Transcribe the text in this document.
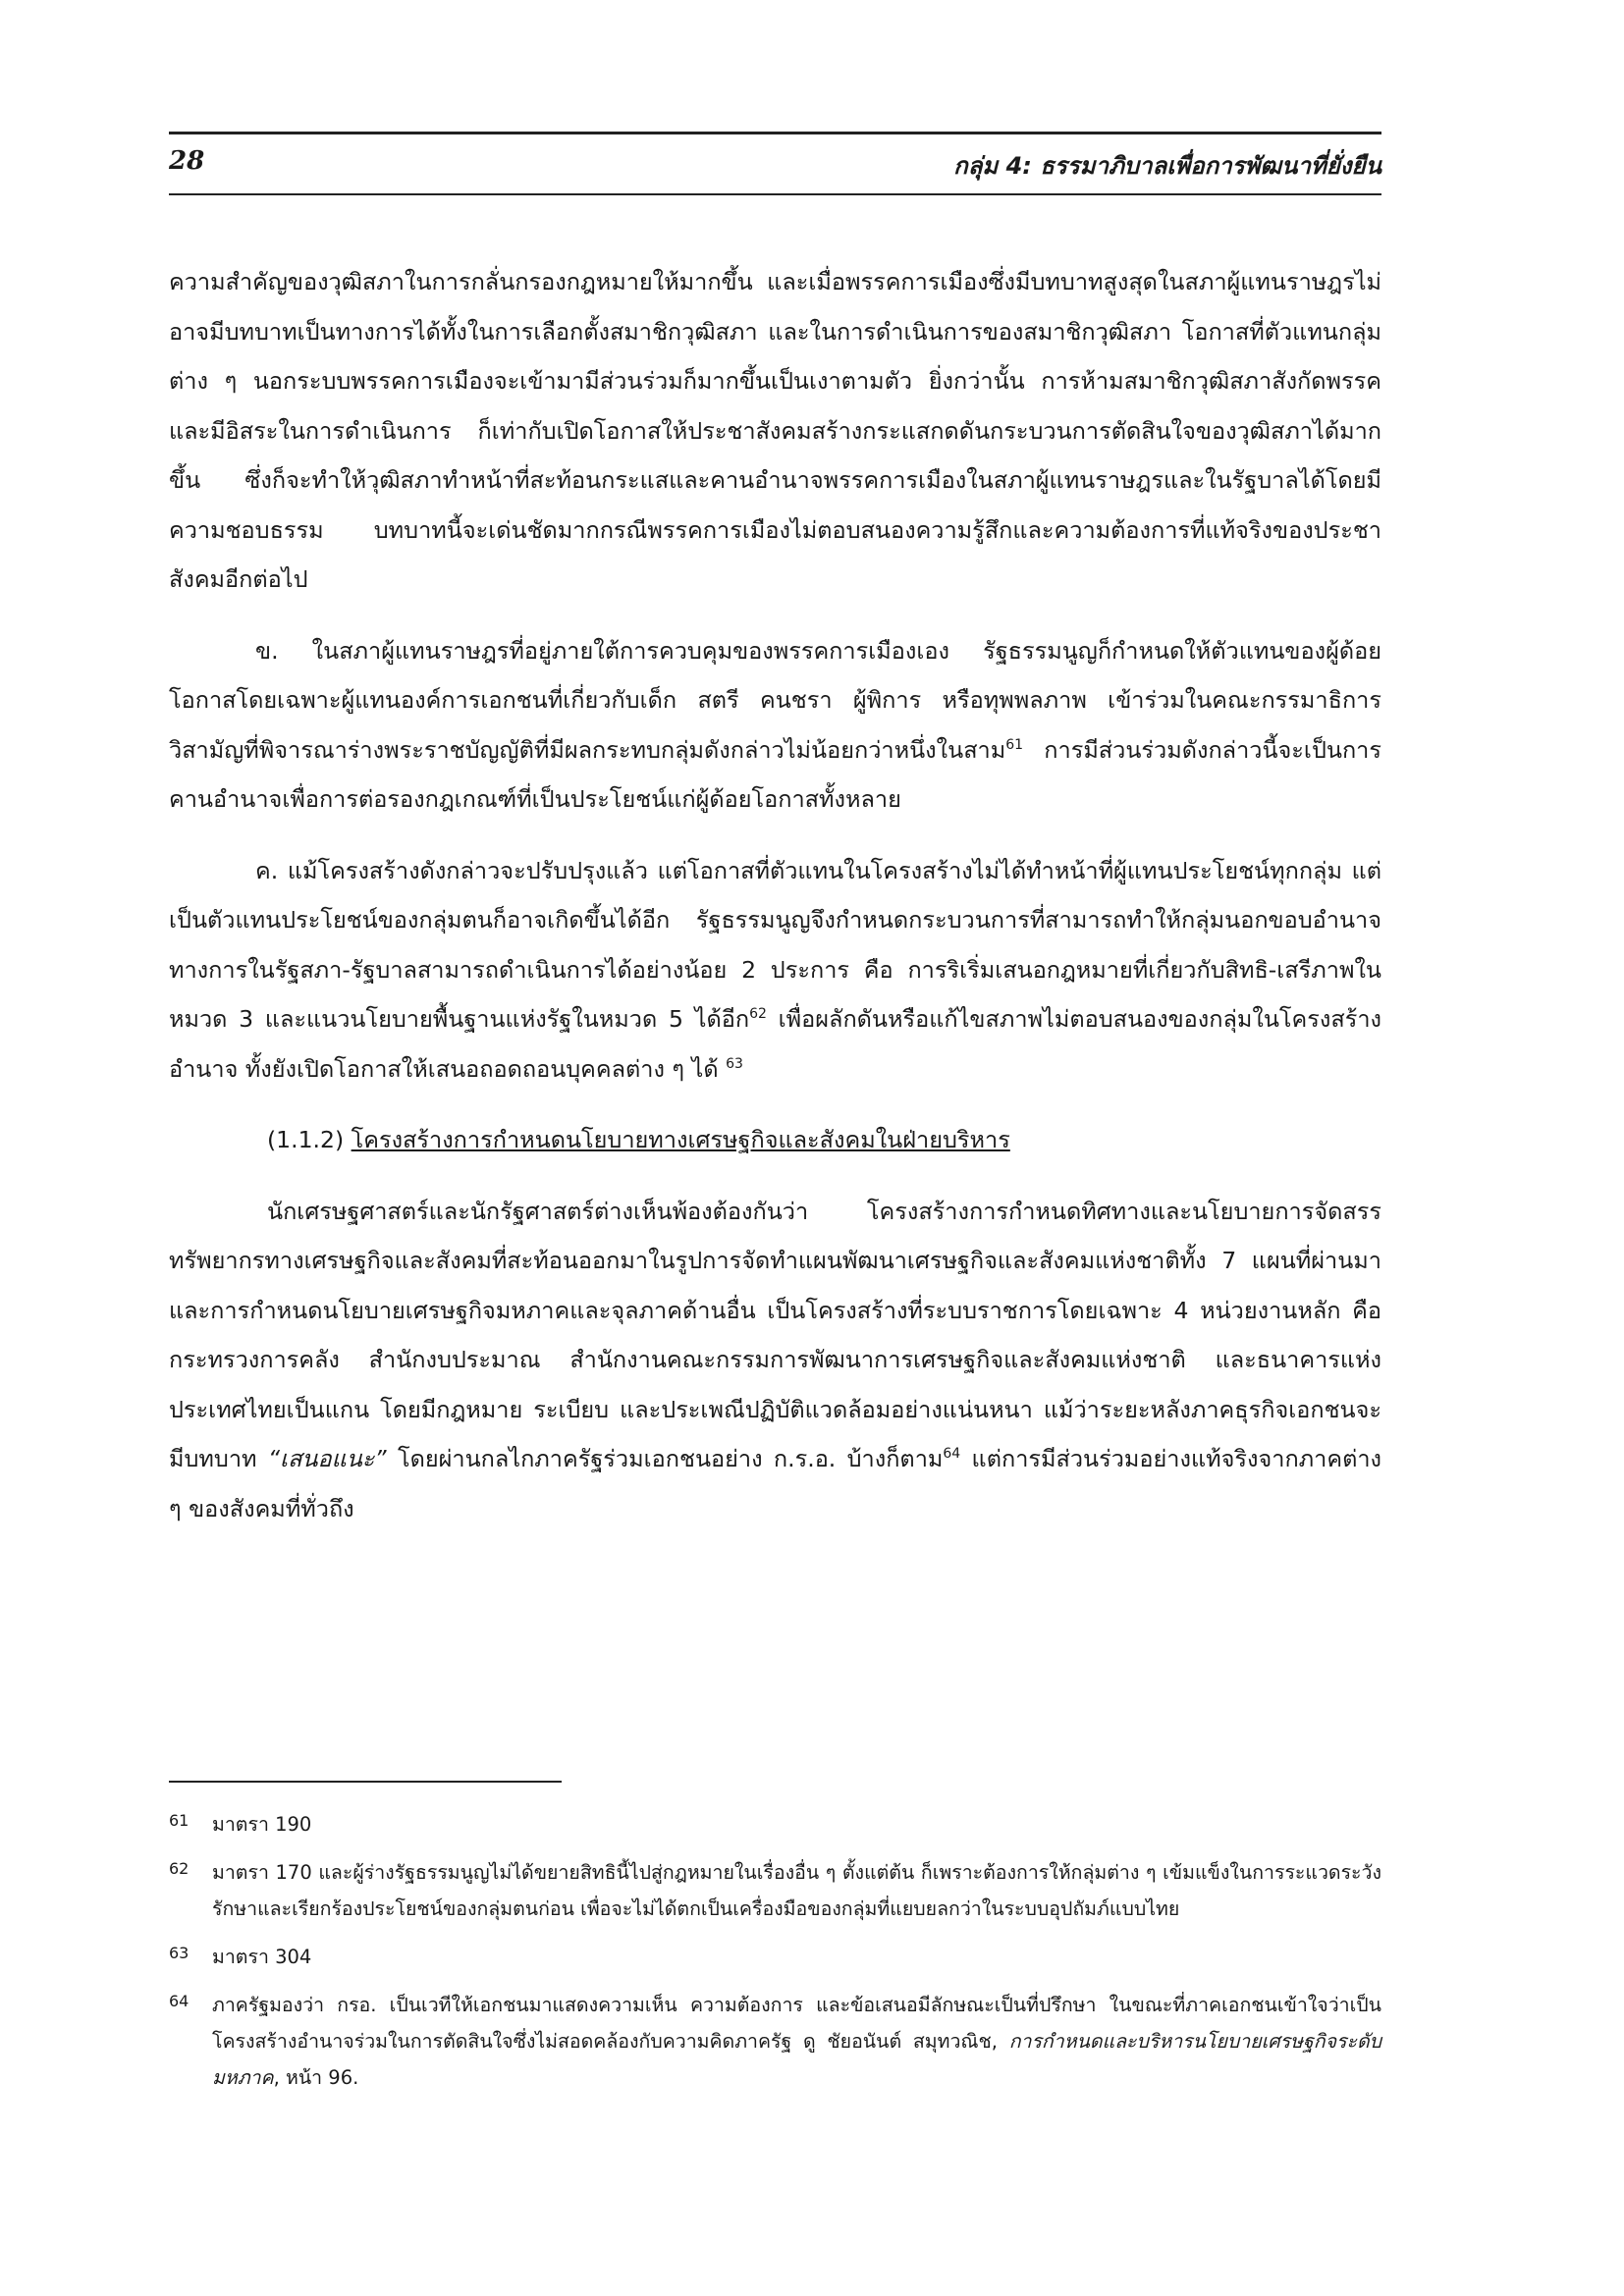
28	กลุ่ม 4: ธรรมาภิบาลเพื่อการพัฒนาที่ยั่งยืน

ความสำคัญของวุฒิสภาในการกลั่นกรองกฎหมายให้มากขึ้น และเมื่อพรรคการเมืองซึ่งมีบทบาทสูงสุดในสภาผู้แทนราษฎรไม่อาจมีบทบาทเป็นทางการได้ทั้งในการเลือกตั้งสมาชิกวุฒิสภา และในการดำเนินการของสมาชิกวุฒิสภา โอกาสที่ตัวแทนกลุ่มต่าง ๆ นอกระบบพรรคการเมืองจะเข้ามามีส่วนร่วมก็มากขึ้นเป็นเงาตามตัว ยิ่งกว่านั้น การห้ามสมาชิกวุฒิสภาสังกัดพรรคและมีอิสระในการดำเนินการ ก็เท่ากับเปิดโอกาสให้ประชาสังคมสร้างกระแสกดดันกระบวนการตัดสินใจของวุฒิสภาได้มากขึ้น ซึ่งก็จะทำให้วุฒิสภาทำหน้าที่สะท้อนกระแสและคานอำนาจพรรคการเมืองในสภาผู้แทนราษฎรและในรัฐบาลได้โดยมีความชอบธรรม บทบาทนี้จะเด่นชัดมากกรณีพรรคการเมืองไม่ตอบสนองความรู้สึกและความต้องการที่แท้จริงของประชาสังคมอีกต่อไป

ข. ในสภาผู้แทนราษฎรที่อยู่ภายใต้การควบคุมของพรรคการเมืองเอง รัฐธรรมนูญก็กำหนดให้ตัวแทนของผู้ด้อยโอกาสโดยเฉพาะผู้แทนองค์การเอกชนที่เกี่ยวกับเด็ก สตรี คนชรา ผู้พิการ หรือทุพพลภาพ เข้าร่วมในคณะกรรมาธิการวิสามัญที่พิจารณาร่างพระราชบัญญัติที่มีผลกระทบกลุ่มดังกล่าวไม่น้อยกว่าหนึ่งในสาม$^{61}$ การมีส่วนร่วมดังกล่าวนี้จะเป็นการคานอำนาจเพื่อการต่อรองกฎเกณฑ์ที่เป็นประโยชน์แก่ผู้ด้อยโอกาสทั้งหลาย

ค. แม้โครงสร้างดังกล่าวจะปรับปรุงแล้ว แต่โอกาสที่ตัวแทนในโครงสร้างไม่ได้ทำหน้าที่ผู้แทนประโยชน์ทุกกลุ่ม แต่เป็นตัวแทนประโยชน์ของกลุ่มตนก็อาจเกิดขึ้นได้อีก รัฐธรรมนูญจึงกำหนดกระบวนการที่สามารถทำให้กลุ่มนอกขอบอำนาจทางการในรัฐสภา-รัฐบาลสามารถดำเนินการได้อย่างน้อย 2 ประการ คือ การริเริ่มเสนอกฎหมายที่เกี่ยวกับสิทธิ-เสรีภาพในหมวด 3 และแนวนโยบายพื้นฐานแห่งรัฐในหมวด 5 ได้อีก$^{62}$ เพื่อผลักดันหรือแก้ไขสภาพไม่ตอบสนองของกลุ่มในโครงสร้างอำนาจ ทั้งยังเปิดโอกาสให้เสนอถอดถอนบุคคลต่าง ๆ ได้ $^{63}$

(1.1.2) โครงสร้างการกำหนดนโยบายทางเศรษฐกิจและสังคมในฝ่ายบริหาร

นักเศรษฐศาสตร์และนักรัฐศาสตร์ต่างเห็นพ้องต้องกันว่า โครงสร้างการกำหนดทิศทางและนโยบายการจัดสรรทรัพยากรทางเศรษฐกิจและสังคมที่สะท้อนออกมาในรูปการจัดทำแผนพัฒนาเศรษฐกิจและสังคมแห่งชาติทั้ง 7 แผนที่ผ่านมา และการกำหนดนโยบายเศรษฐกิจมหภาคและจุลภาคด้านอื่น เป็นโครงสร้างที่ระบบราชการโดยเฉพาะ 4 หน่วยงานหลัก คือ กระทรวงการคลัง สำนักงบประมาณ สำนักงานคณะกรรมการพัฒนาการเศรษฐกิจและสังคมแห่งชาติ และธนาคารแห่งประเทศไทยเป็นแกน โดยมีกฎหมาย ระเบียบ และประเพณีปฏิบัติแวดล้อมอย่างแน่นหนา แม้ว่าระยะหลังภาคธุรกิจเอกชนจะมีบทบาท “เสนอแนะ” โดยผ่านกลไกภาครัฐร่วมเอกชนอย่าง ก.ร.อ. บ้างก็ตาม$^{64}$ แต่การมีส่วนร่วมอย่างแท้จริงจากภาคต่าง ๆ ของสังคมที่ทั่วถึง

61 มาตรา 190
62 มาตรา 170 และผู้ร่างรัฐธรรมนูญไม่ได้ขยายสิทธินี้ไปสู่กฎหมายในเรื่องอื่น ๆ ตั้งแต่ต้น ก็เพราะต้องการให้กลุ่มต่าง ๆ เข้มแข็งในการระแวดระวังรักษาและเรียกร้องประโยชน์ของกลุ่มตนก่อน เพื่อจะไม่ได้ตกเป็นเครื่องมือของกลุ่มที่แยบยลกว่าในระบบอุปถัมภ์แบบไทย
63 มาตรา 304
64 ภาครัฐมองว่า กรอ. เป็นเวทีให้เอกชนมาแสดงความเห็น ความต้องการ และข้อเสนอมีลักษณะเป็นที่ปรึกษา ในขณะที่ภาคเอกชนเข้าใจว่าเป็นโครงสร้างอำนาจร่วมในการตัดสินใจซึ่งไม่สอดคล้องกับความคิดภาครัฐ ดู ชัยอนันต์ สมุทวณิช, การกำหนดและบริหารนโยบายเศรษฐกิจระดับมหภาค, หน้า 96.
